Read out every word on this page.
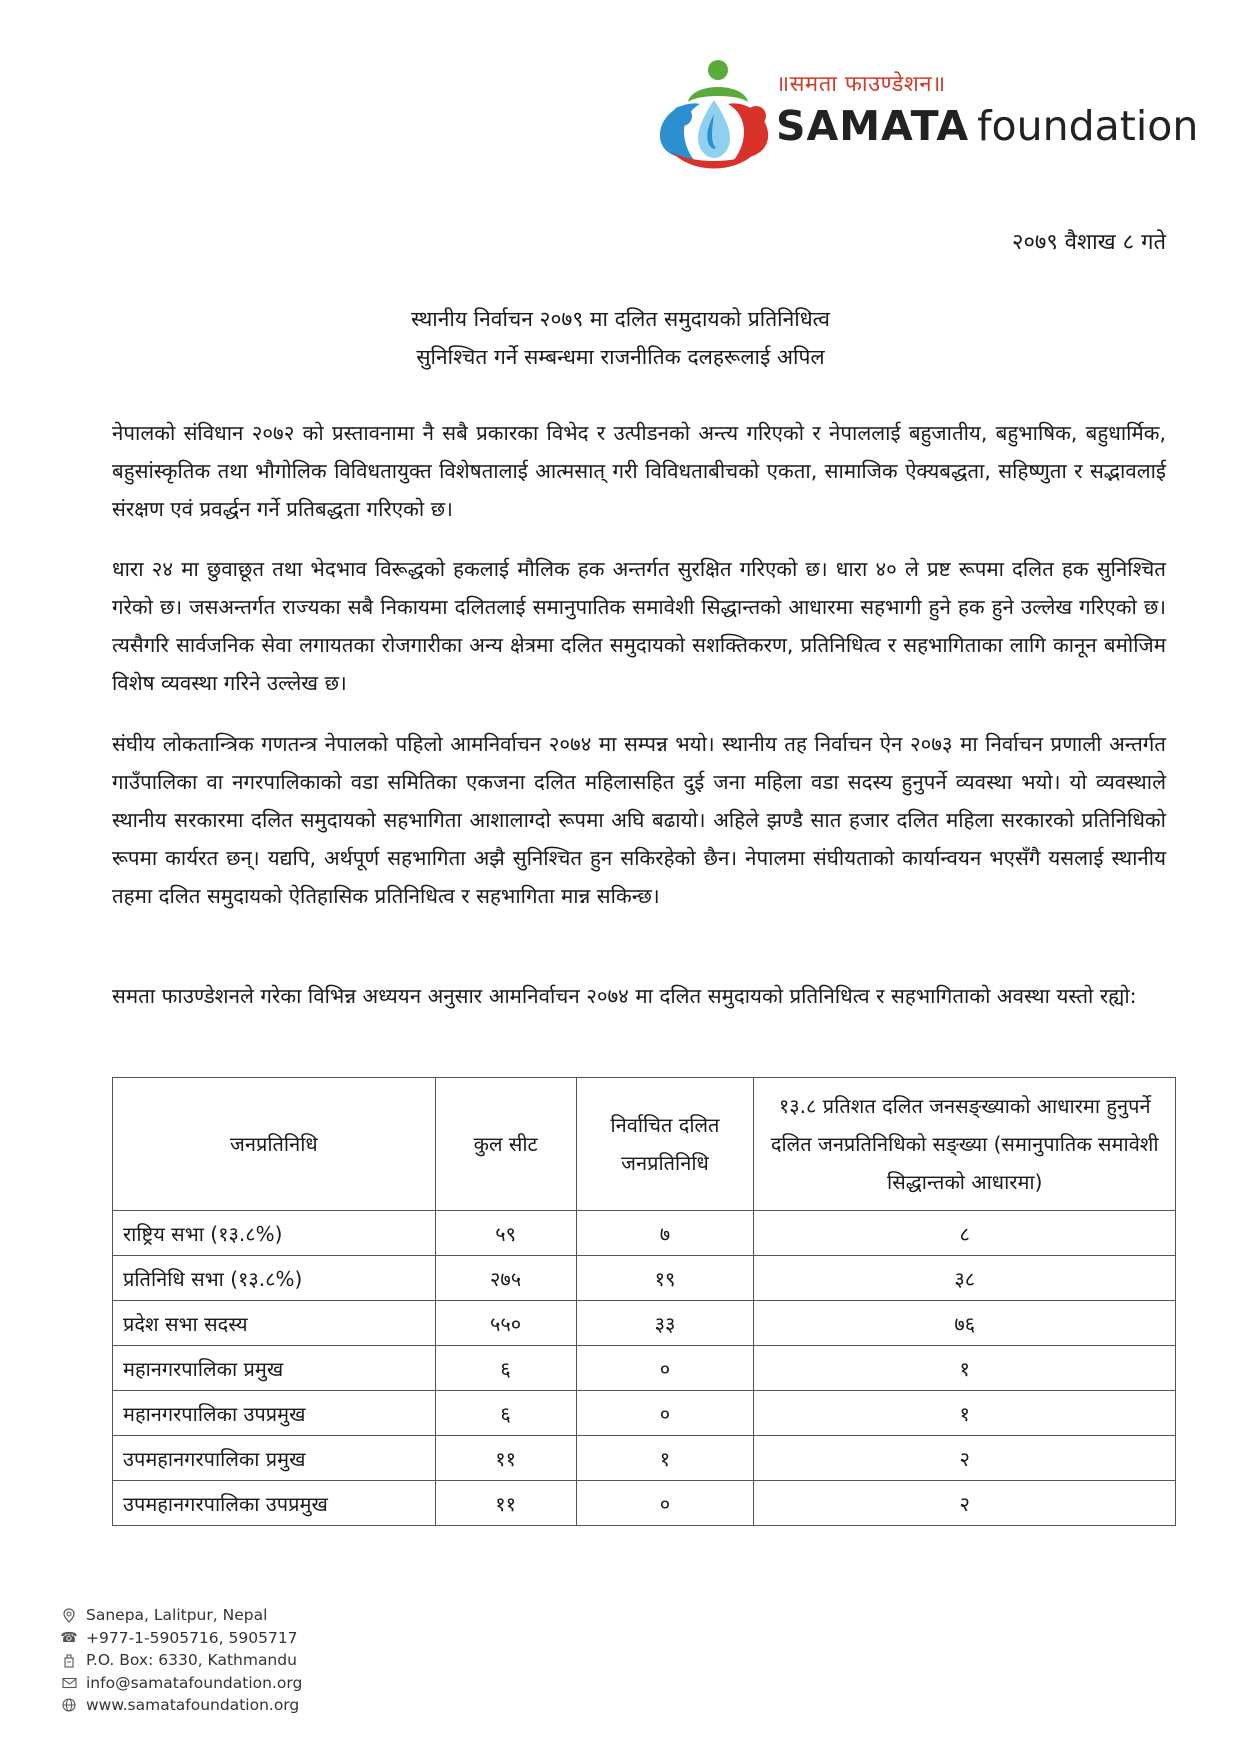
॥समता फाउण्डेशन॥
SAMATA foundation
२०७९ वैशाख ८ गते
स्थानीय निर्वाचन २०७९ मा दलित समुदायको प्रतिनिधित्व
सुनिश्चित गर्ने सम्बन्धमा राजनीतिक दलहरूलाई अपिल
नेपालको संविधान २०७२ को प्रस्तावनामा नै सबै प्रकारका विभेद र उत्पीडनको अन्त्य गरिएको र नेपाललाई बहुजातीय, बहुभाषिक, बहुधार्मिक, बहुसांस्कृतिक तथा भौगोलिक विविधतायुक्त विशेषतालाई आत्मसात् गरी विविधताबीचको एकता, सामाजिक ऐक्यबद्धता, सहिष्णुता र सद्भावलाई संरक्षण एवं प्रवर्द्धन गर्ने प्रतिबद्धता गरिएको छ।
धारा २४ मा छुवाछूत तथा भेदभाव विरूद्धको हकलाई मौलिक हक अन्तर्गत सुरक्षित गरिएको छ। धारा ४० ले प्रष्ट रूपमा दलित हक सुनिश्चित गरेको छ। जसअन्तर्गत राज्यका सबै निकायमा दलितलाई समानुपातिक समावेशी सिद्धान्तको आधारमा सहभागी हुने हक हुने उल्लेख गरिएको छ। त्यसैगरि सार्वजनिक सेवा लगायतका रोजगारीका अन्य क्षेत्रमा दलित समुदायको सशक्तिकरण, प्रतिनिधित्व र सहभागिताका लागि कानून बमोजिम विशेष व्यवस्था गरिने उल्लेख छ।
संघीय लोकतान्त्रिक गणतन्त्र नेपालको पहिलो आमनिर्वाचन २०७४ मा सम्पन्न भयो। स्थानीय तह निर्वाचन ऐन २०७३ मा निर्वाचन प्रणाली अन्तर्गत गाउँपालिका वा नगरपालिकाको वडा समितिका एकजना दलित महिलासहित दुई जना महिला वडा सदस्य हुनुपर्ने व्यवस्था भयो। यो व्यवस्थाले स्थानीय सरकारमा दलित समुदायको सहभागिता आशालाग्दो रूपमा अघि बढायो। अहिले झण्डै सात हजार दलित महिला सरकारको प्रतिनिधिको रूपमा कार्यरत छन्। यद्यपि, अर्थपूर्ण सहभागिता अझै सुनिश्चित हुन सकिरहेको छैन। नेपालमा संघीयताको कार्यान्वयन भएसँगै यसलाई स्थानीय तहमा दलित समुदायको ऐतिहासिक प्रतिनिधित्व र सहभागिता मान्न सकिन्छ।
समता फाउण्डेशनले गरेका विभिन्न अध्ययन अनुसार आमनिर्वाचन २०७४ मा दलित समुदायको प्रतिनिधित्व र सहभागिताको अवस्था यस्तो रह्यो:
जनप्रतिनिधि	कुल सीट	निर्वाचित दलित जनप्रतिनिधि	१३.८ प्रतिशत दलित जनसङ्ख्याको आधारमा हुनुपर्ने दलित जनप्रतिनिधिको सङ्ख्या (समानुपातिक समावेशी सिद्धान्तको आधारमा)
राष्ट्रिय सभा (१३.८%)	५९	७	८
प्रतिनिधि सभा (१३.८%)	२७५	१९	३८
प्रदेश सभा सदस्य	५५०	३३	७६
महानगरपालिका प्रमुख	६	०	१
महानगरपालिका उपप्रमुख	६	०	१
उपमहानगरपालिका प्रमुख	११	१	२
उपमहानगरपालिका उपप्रमुख	११	०	२
Sanepa, Lalitpur, Nepal
☎ +977-1-5905716, 5905717
P.O. Box: 6330, Kathmandu
info@samatafoundation.org
www.samatafoundation.org
